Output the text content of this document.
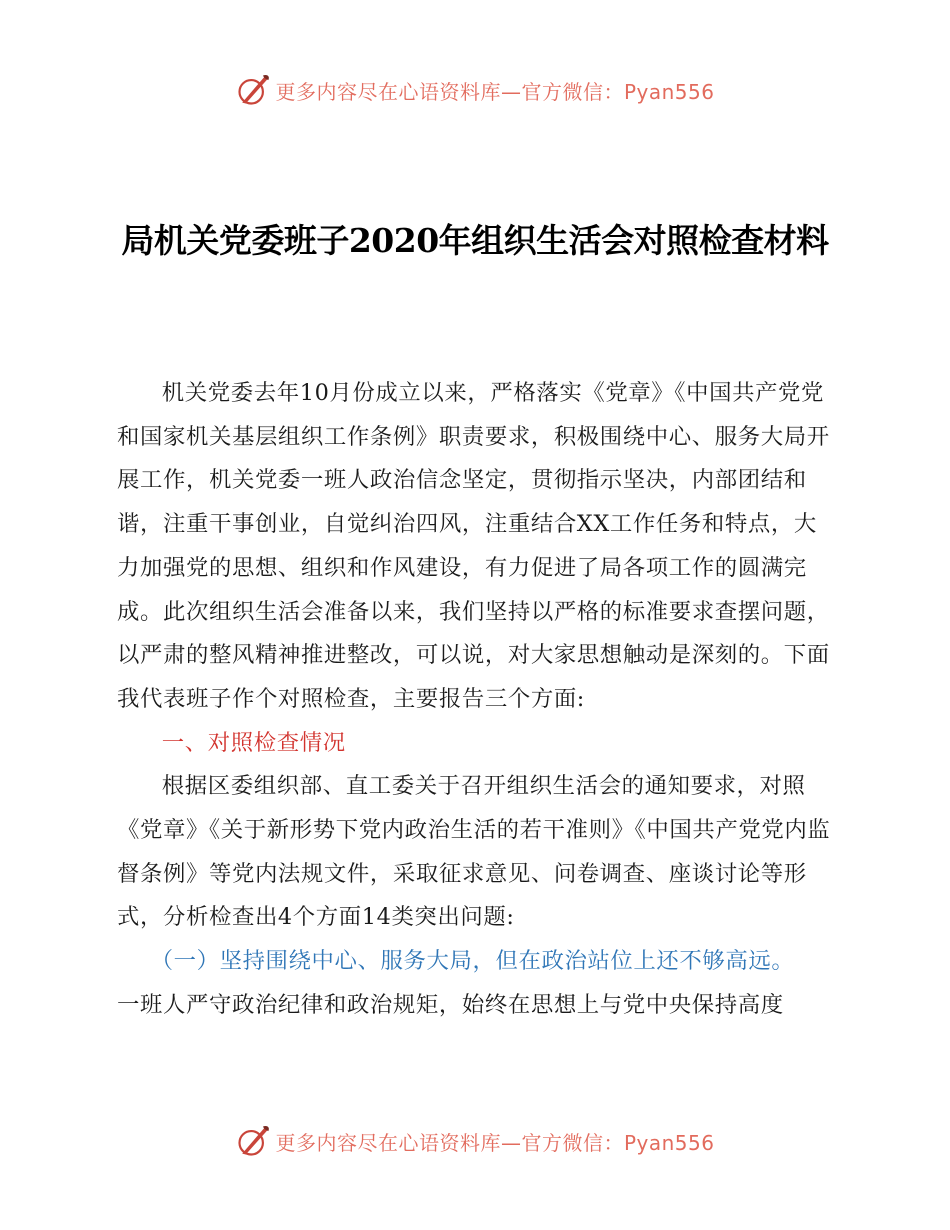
更多内容尽在心语资料库—官方微信：Pyan556
局机关党委班子2020年组织生活会对照检查材料

机关党委去年10月份成立以来，严格落实《党章》《中国共产党党和国家机关基层组织工作条例》职责要求，积极围绕中心、服务大局开展工作，机关党委一班人政治信念坚定，贯彻指示坚决，内部团结和谐，注重干事创业，自觉纠治四风，注重结合XX工作任务和特点，大力加强党的思想、组织和作风建设，有力促进了局各项工作的圆满完成。此次组织生活会准备以来，我们坚持以严格的标准要求查摆问题，以严肃的整风精神推进整改，可以说，对大家思想触动是深刻的。下面我代表班子作个对照检查，主要报告三个方面:

一、对照检查情况

根据区委组织部、直工委关于召开组织生活会的通知要求，对照《党章》《关于新形势下党内政治生活的若干准则》《中国共产党党内监督条例》等党内法规文件，采取征求意见、问卷调查、座谈讨论等形式，分析检查出4个方面14类突出问题:

（一）坚持围绕中心、服务大局，但在政治站位上还不够高远。

一班人严守政治纪律和政治规矩，始终在思想上与党中央保持高度

更多内容尽在心语资料库—官方微信：Pyan556
